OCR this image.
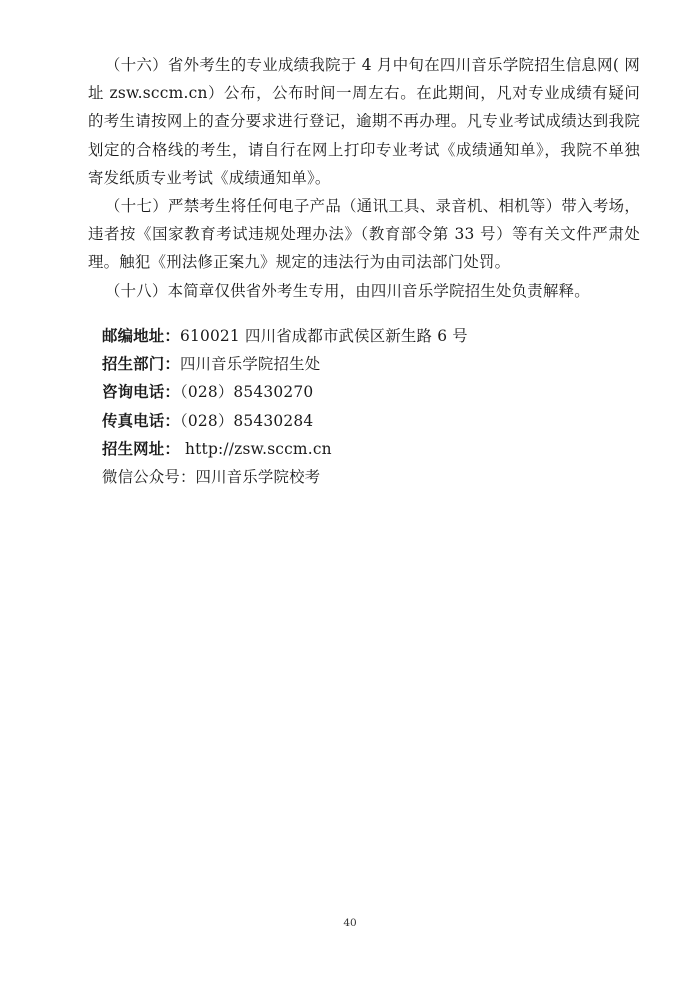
（十六）省外考生的专业成绩我院于 4 月中旬在四川音乐学院招生信息网( 网址 zsw.sccm.cn）公布，公布时间一周左右。在此期间，凡对专业成绩有疑问的考生请按网上的查分要求进行登记，逾期不再办理。凡专业考试成绩达到我院划定的合格线的考生，请自行在网上打印专业考试《成绩通知单》，我院不单独寄发纸质专业考试《成绩通知单》。

（十七）严禁考生将任何电子产品（通讯工具、录音机、相机等）带入考场，违者按《国家教育考试违规处理办法》（教育部令第 33 号）等有关文件严肃处理。触犯《刑法修正案九》规定的违法行为由司法部门处罚。

（十八）本简章仅供省外考生专用，由四川音乐学院招生处负责解释。

邮编地址：610021 四川省成都市武侯区新生路 6 号
招生部门：四川音乐学院招生处
咨询电话：（028）85430270
传真电话：（028）85430284
招生网址： http://zsw.sccm.cn
微信公众号：四川音乐学院校考
40
